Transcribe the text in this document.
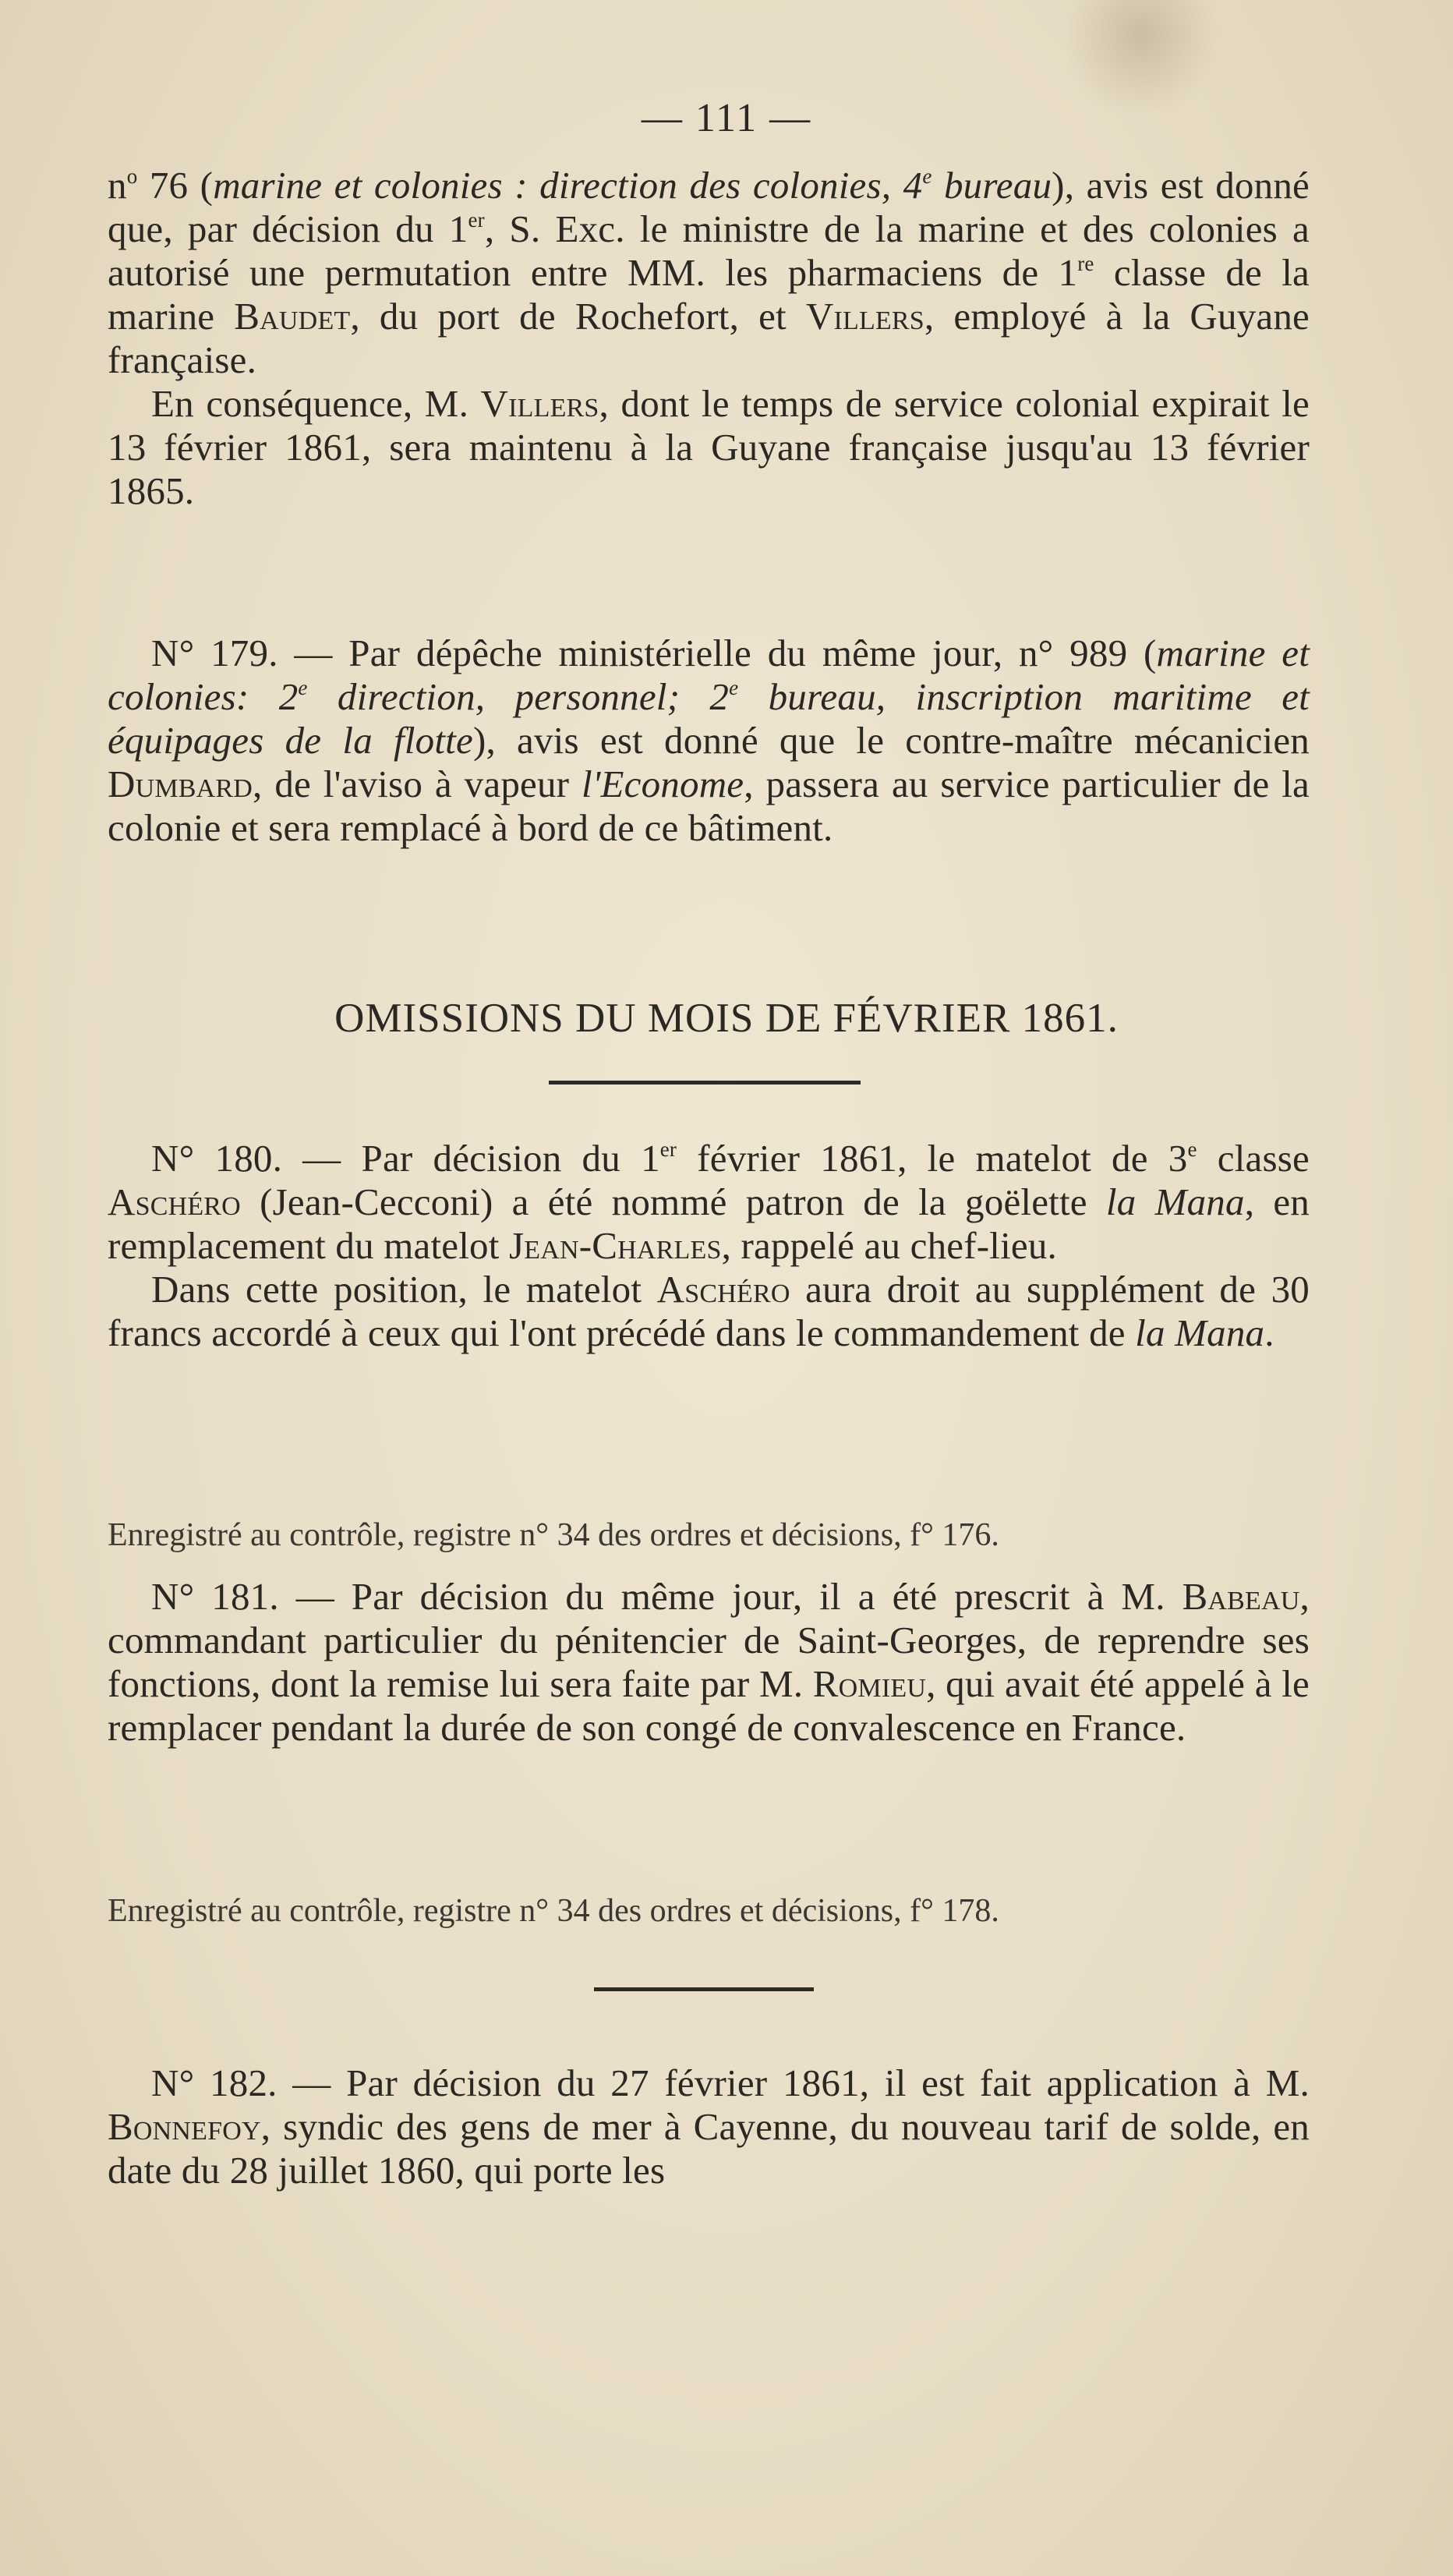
— 111 —

$n^o$ 76 (marine et colonies : direction des colonies, 4e bureau), avis est donné que, par décision du 1er, S. Exc. le ministre de la marine et des colonies a autorisé une permutation entre MM. les pharmaciens de 1re classe de la marine Baudet, du port de Rochefort, et Villers, employé à la Guyane française.

En conséquence, M. Villers, dont le temps de service colonial expirait le 13 février 1861, sera maintenu à la Guyane française jusqu'au 13 février 1865.

N° 179. — Par dépêche ministérielle du même jour, n° 989 (marine et colonies: 2e direction, personnel; 2e bureau, inscription maritime et équipages de la flotte), avis est donné que le contre-maître mécanicien Dumbard, de l'aviso à vapeur l'Econome, passera au service particulier de la colonie et sera remplacé à bord de ce bâtiment.

OMISSIONS DU MOIS DE FÉVRIER 1861.

N° 180. — Par décision du 1er février 1861, le matelot de 3e classe Aschéro (Jean-Cecconi) a été nommé patron de la goëlette la Mana, en remplacement du matelot Jean-Charles, rappelé au chef-lieu.

Dans cette position, le matelot Aschéro aura droit au supplément de 30 francs accordé à ceux qui l'ont précédé dans le commandement de la Mana.

Enregistré au contrôle, registre n° 34 des ordres et décisions, f° 176.

N° 181. — Par décision du même jour, il a été prescrit à M. Babeau, commandant particulier du pénitencier de Saint-Georges, de reprendre ses fonctions, dont la remise lui sera faite par M. Romieu, qui avait été appelé à le remplacer pendant la durée de son congé de convalescence en France.

Enregistré au contrôle, registre n° 34 des ordres et décisions, f° 178.

N° 182. — Par décision du 27 février 1861, il est fait application à M. Bonnefoy, syndic des gens de mer à Cayenne, du nouveau tarif de solde, en date du 28 juillet 1860, qui porte les
